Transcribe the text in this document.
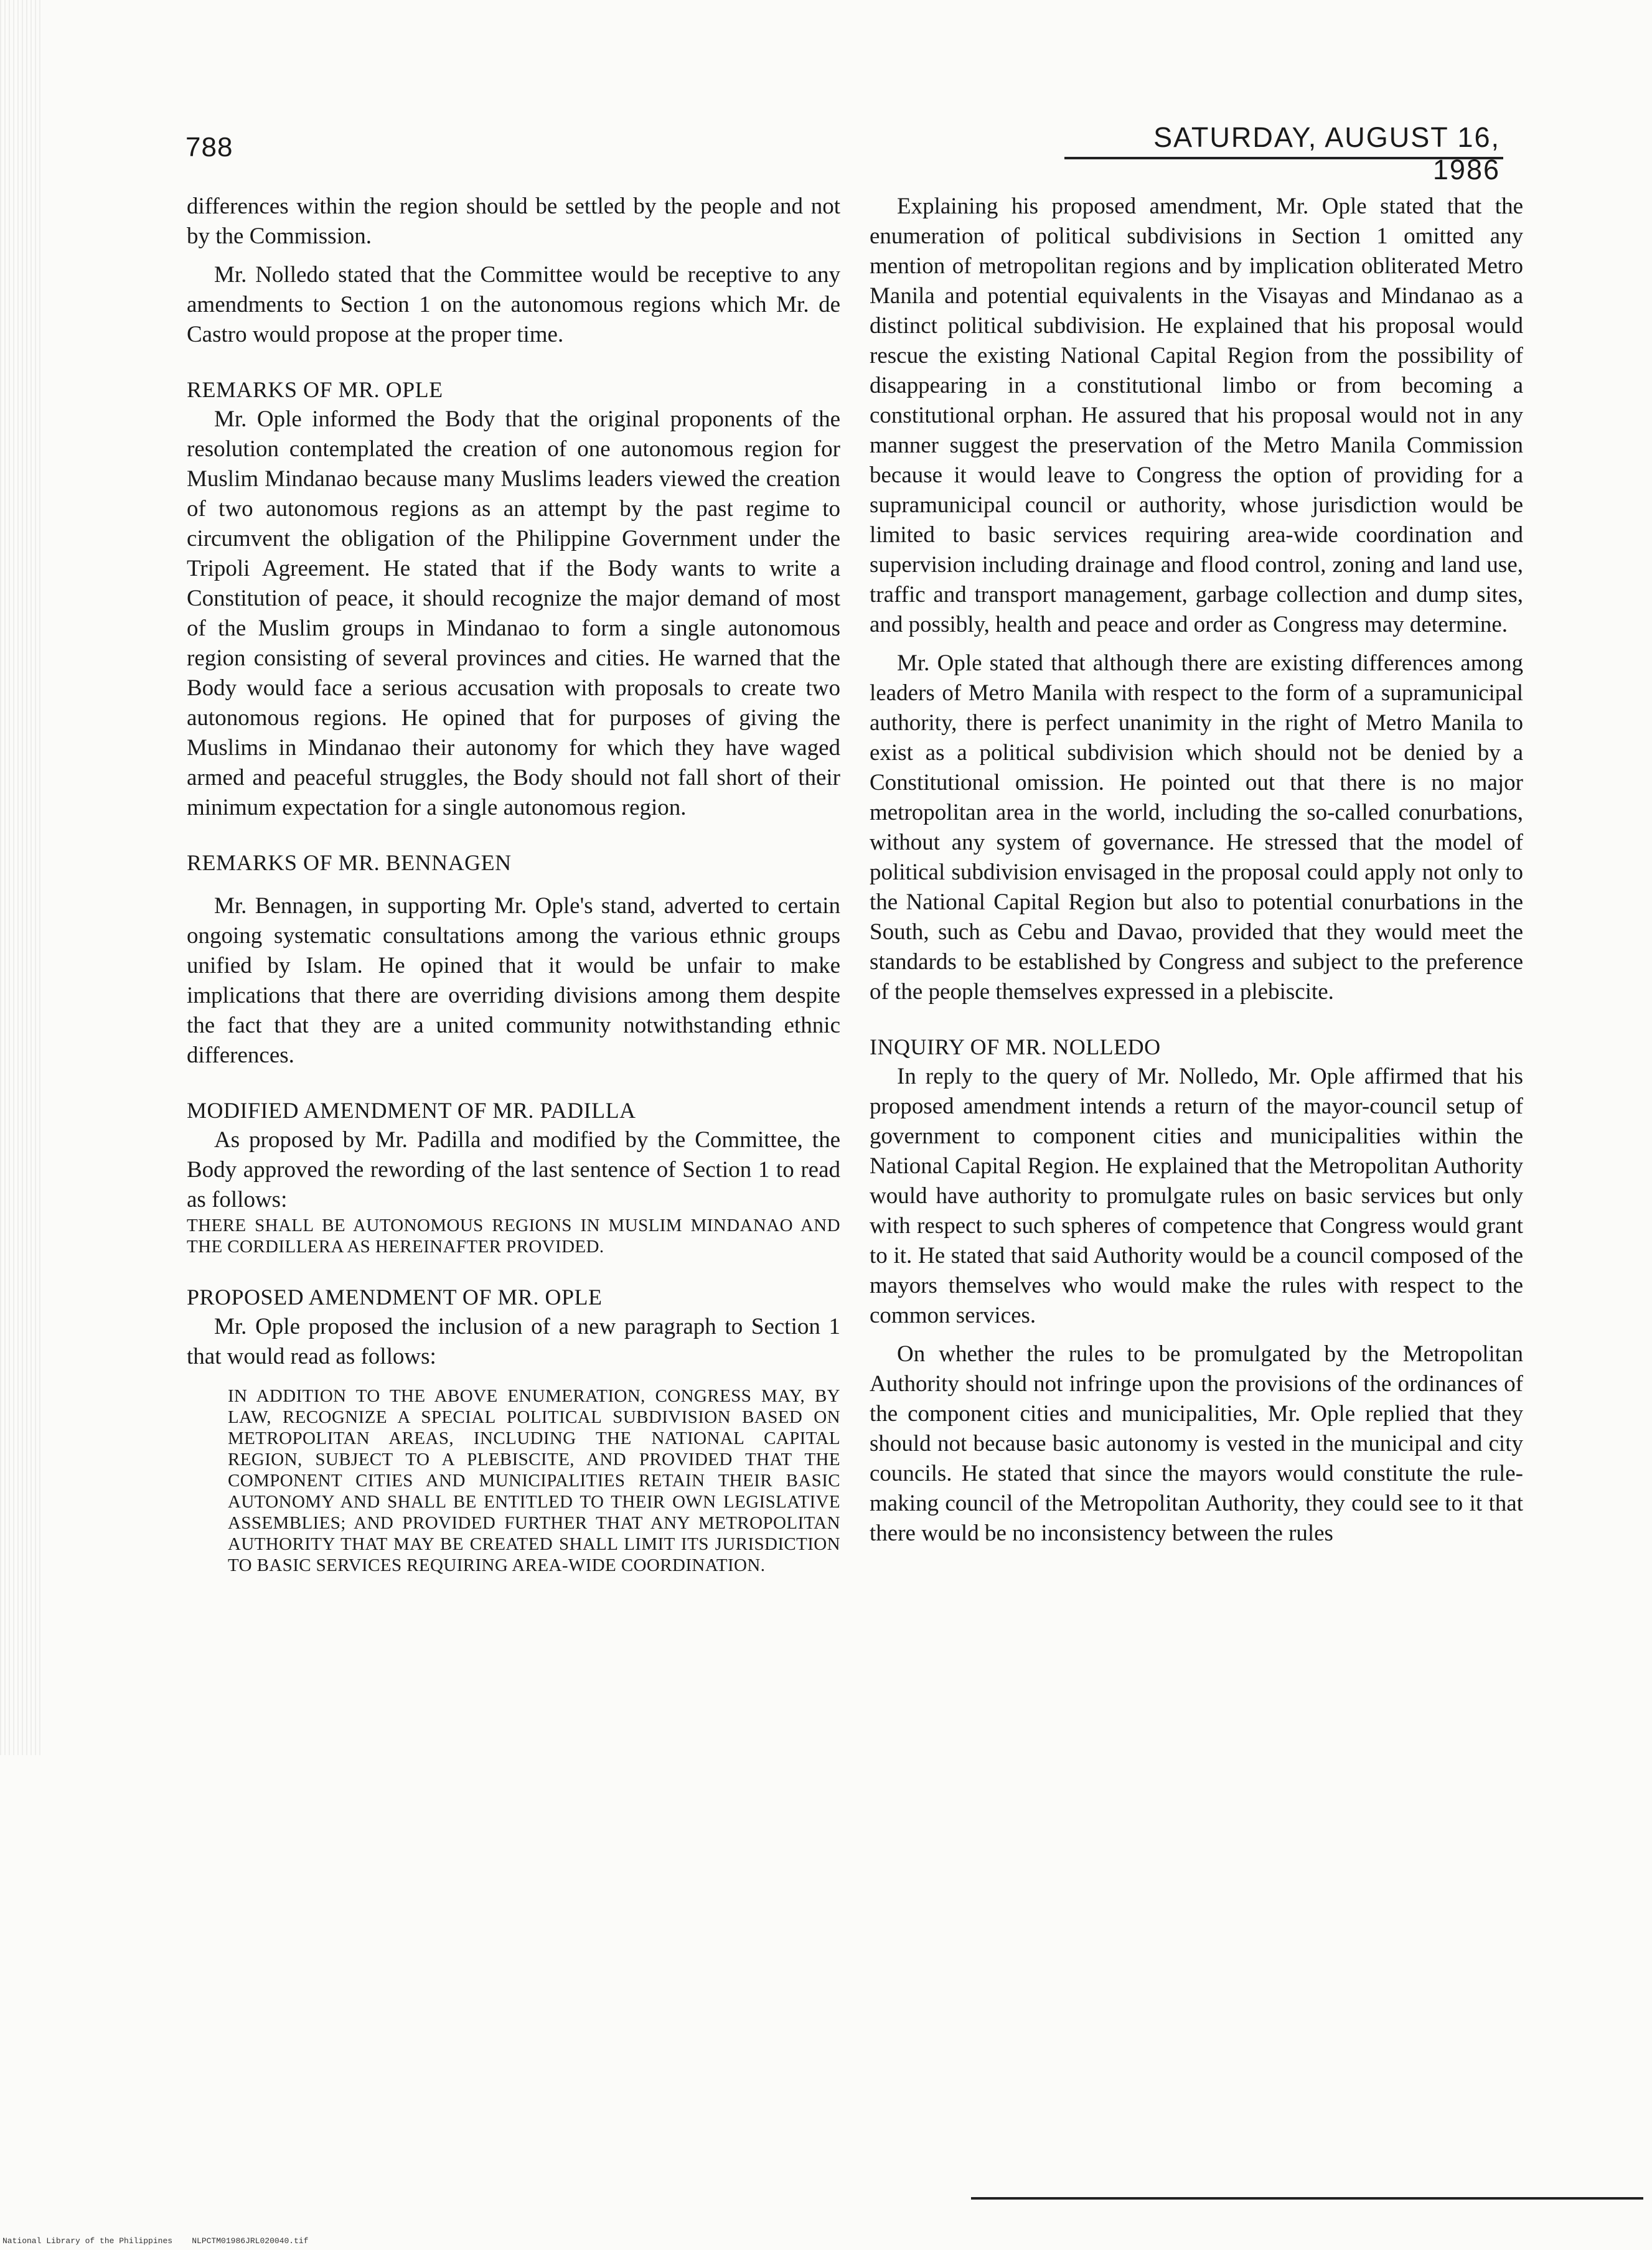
788	SATURDAY, AUGUST 16, 1986

differences within the region should be settled by the people and not by the Commission.

Mr. Nolledo stated that the Committee would be receptive to any amendments to Section 1 on the autonomous regions which Mr. de Castro would propose at the proper time.

REMARKS OF MR. OPLE

Mr. Ople informed the Body that the original proponents of the resolution contemplated the creation of one autonomous region for Muslim Mindanao because many Muslims leaders viewed the creation of two autonomous regions as an attempt by the past regime to circumvent the obligation of the Philippine Government under the Tripoli Agreement. He stated that if the Body wants to write a Constitution of peace, it should recognize the major demand of most of the Muslim groups in Mindanao to form a single autonomous region consisting of several provinces and cities. He warned that the Body would face a serious accusation with proposals to create two autonomous regions. He opined that for purposes of giving the Muslims in Mindanao their autonomy for which they have waged armed and peaceful struggles, the Body should not fall short of their minimum expectation for a single autonomous region.

REMARKS OF MR. BENNAGEN

Mr. Bennagen, in supporting Mr. Ople's stand, adverted to certain ongoing systematic consultations among the various ethnic groups unified by Islam. He opined that it would be unfair to make implications that there are overriding divisions among them despite the fact that they are a united community notwithstanding ethnic differences.

MODIFIED AMENDMENT OF MR. PADILLA

As proposed by Mr. Padilla and modified by the Committee, the Body approved the rewording of the last sentence of Section 1 to read as follows:

THERE SHALL BE AUTONOMOUS REGIONS IN MUSLIM MINDANAO AND THE CORDILLERA AS HEREINAFTER PROVIDED.

PROPOSED AMENDMENT OF MR. OPLE

Mr. Ople proposed the inclusion of a new paragraph to Section 1 that would read as follows:

IN ADDITION TO THE ABOVE ENUMERATION, CONGRESS MAY, BY LAW, RECOGNIZE A SPECIAL POLITICAL SUBDIVISION BASED ON METROPOLITAN AREAS, INCLUDING THE NATIONAL CAPITAL REGION, SUBJECT TO A PLEBISCITE, AND PROVIDED THAT THE COMPONENT CITIES AND MUNICIPALITIES RETAIN THEIR BASIC AUTONOMY AND SHALL BE ENTITLED TO THEIR OWN LEGISLATIVE ASSEMBLIES; AND PROVIDED FURTHER THAT ANY METROPOLITAN AUTHORITY THAT MAY BE CREATED SHALL LIMIT ITS JURISDICTION TO BASIC SERVICES REQUIRING AREA-WIDE COORDINATION.

Explaining his proposed amendment, Mr. Ople stated that the enumeration of political subdivisions in Section 1 omitted any mention of metropolitan regions and by implication obliterated Metro Manila and potential equivalents in the Visayas and Mindanao as a distinct political subdivision. He explained that his proposal would rescue the existing National Capital Region from the possibility of disappearing in a constitutional limbo or from becoming a constitutional orphan. He assured that his proposal would not in any manner suggest the preservation of the Metro Manila Commission because it would leave to Congress the option of providing for a supramunicipal council or authority, whose jurisdiction would be limited to basic services requiring area-wide coordination and supervision including drainage and flood control, zoning and land use, traffic and transport management, garbage collection and dump sites, and possibly, health and peace and order as Congress may determine.

Mr. Ople stated that although there are existing differences among leaders of Metro Manila with respect to the form of a supramunicipal authority, there is perfect unanimity in the right of Metro Manila to exist as a political subdivision which should not be denied by a Constitutional omission. He pointed out that there is no major metropolitan area in the world, including the so-called conurbations, without any system of governance. He stressed that the model of political subdivision envisaged in the proposal could apply not only to the National Capital Region but also to potential conurbations in the South, such as Cebu and Davao, provided that they would meet the standards to be established by Congress and subject to the preference of the people themselves expressed in a plebiscite.

INQUIRY OF MR. NOLLEDO

In reply to the query of Mr. Nolledo, Mr. Ople affirmed that his proposed amendment intends a return of the mayor-council setup of government to component cities and municipalities within the National Capital Region. He explained that the Metropolitan Authority would have authority to promulgate rules on basic services but only with respect to such spheres of competence that Congress would grant to it. He stated that said Authority would be a council composed of the mayors themselves who would make the rules with respect to the common services.

On whether the rules to be promulgated by the Metropolitan Authority should not infringe upon the provisions of the ordinances of the component cities and municipalities, Mr. Ople replied that they should not because basic autonomy is vested in the municipal and city councils. He stated that since the mayors would constitute the rule-making council of the Metropolitan Authority, they could see to it that there would be no inconsistency between the rules

National Library of the Philippines    NLPCTM01986JRL020040.tif
